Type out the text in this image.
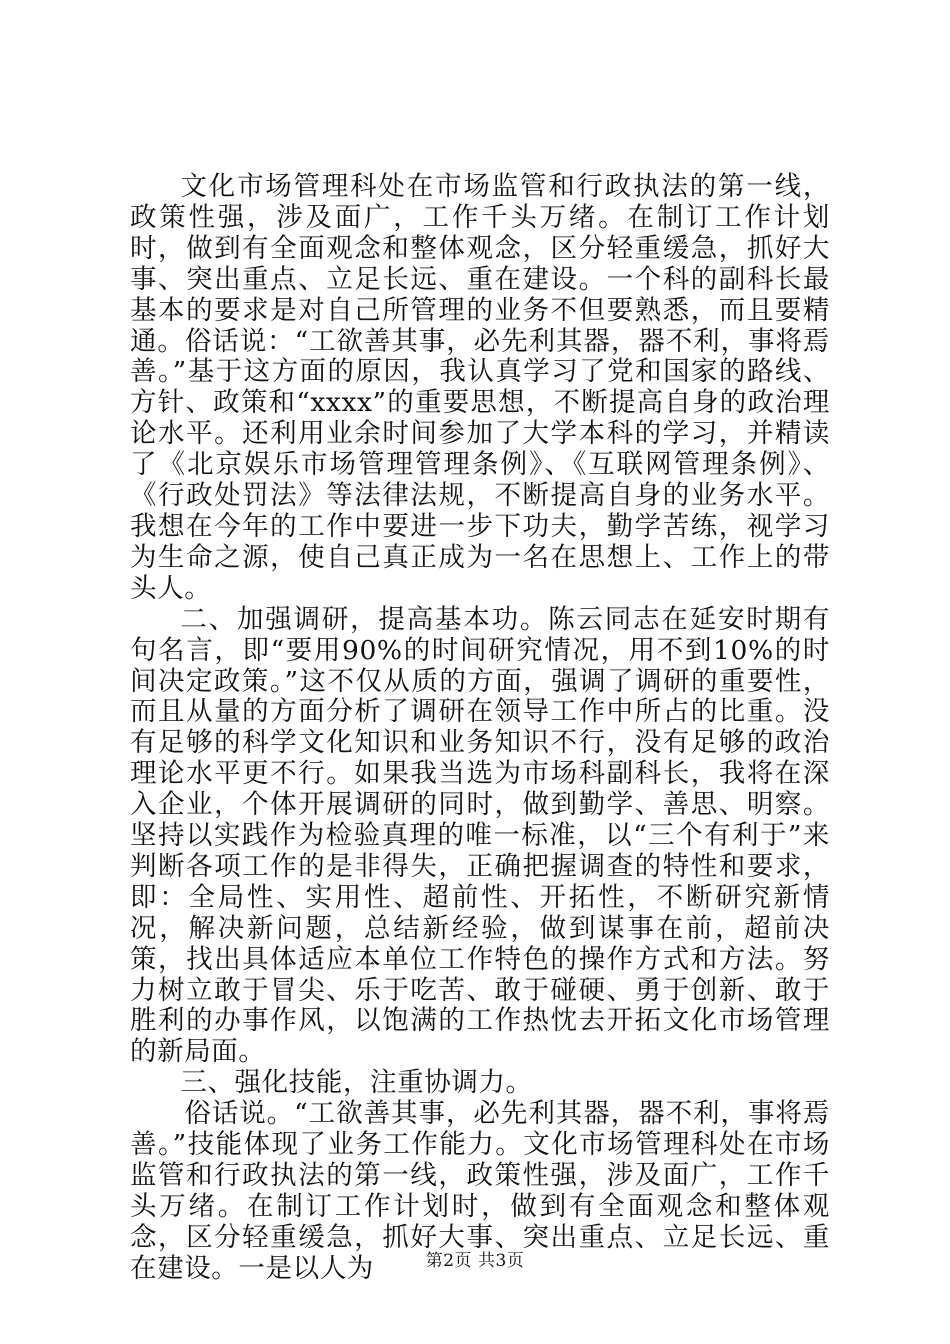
文化市场管理科处在市场监管和行政执法的第一线，政策性强，涉及面广，工作千头万绪。在制订工作计划时，做到有全面观念和整体观念，区分轻重缓急，抓好大事、突出重点、立足长远、重在建设。一个科的副科长最基本的要求是对自己所管理的业务不但要熟悉，而且要精通。俗话说：“工欲善其事，必先利其器，器不利，事将焉善。”基于这方面的原因，我认真学习了党和国家的路线、方针、政策和“xxxx”的重要思想，不断提高自身的政治理论水平。还利用业余时间参加了大学本科的学习，并精读了《北京娱乐市场管理管理条例》、《互联网管理条例》、《行政处罚法》等法律法规，不断提高自身的业务水平。我想在今年的工作中要进一步下功夫，勤学苦练，视学习为生命之源，使自己真正成为一名在思想上、工作上的带头人。

二、加强调研，提高基本功。陈云同志在延安时期有句名言，即“要用90%的时间研究情况，用不到10%的时间决定政策。”这不仅从质的方面，强调了调研的重要性，而且从量的方面分析了调研在领导工作中所占的比重。没有足够的科学文化知识和业务知识不行，没有足够的政治理论水平更不行。如果我当选为市场科副科长，我将在深入企业，个体开展调研的同时，做到勤学、善思、明察。坚持以实践作为检验真理的唯一标准，以“三个有利于”来判断各项工作的是非得失，正确把握调查的特性和要求，即：全局性、实用性、超前性、开拓性，不断研究新情况，解决新问题，总结新经验，做到谋事在前，超前决策，找出具体适应本单位工作特色的操作方式和方法。努力树立敢于冒尖、乐于吃苦、敢于碰硬、勇于创新、敢于胜利的办事作风，以饱满的工作热忱去开拓文化市场管理的新局面。

三、强化技能，注重协调力。

俗话说。“工欲善其事，必先利其器，器不利，事将焉善。”技能体现了业务工作能力。文化市场管理科处在市场监管和行政执法的第一线，政策性强，涉及面广，工作千头万绪。在制订工作计划时，做到有全面观念和整体观念，区分轻重缓急，抓好大事、突出重点、立足长远、重在建设。一是以人为	第2页 共3页
